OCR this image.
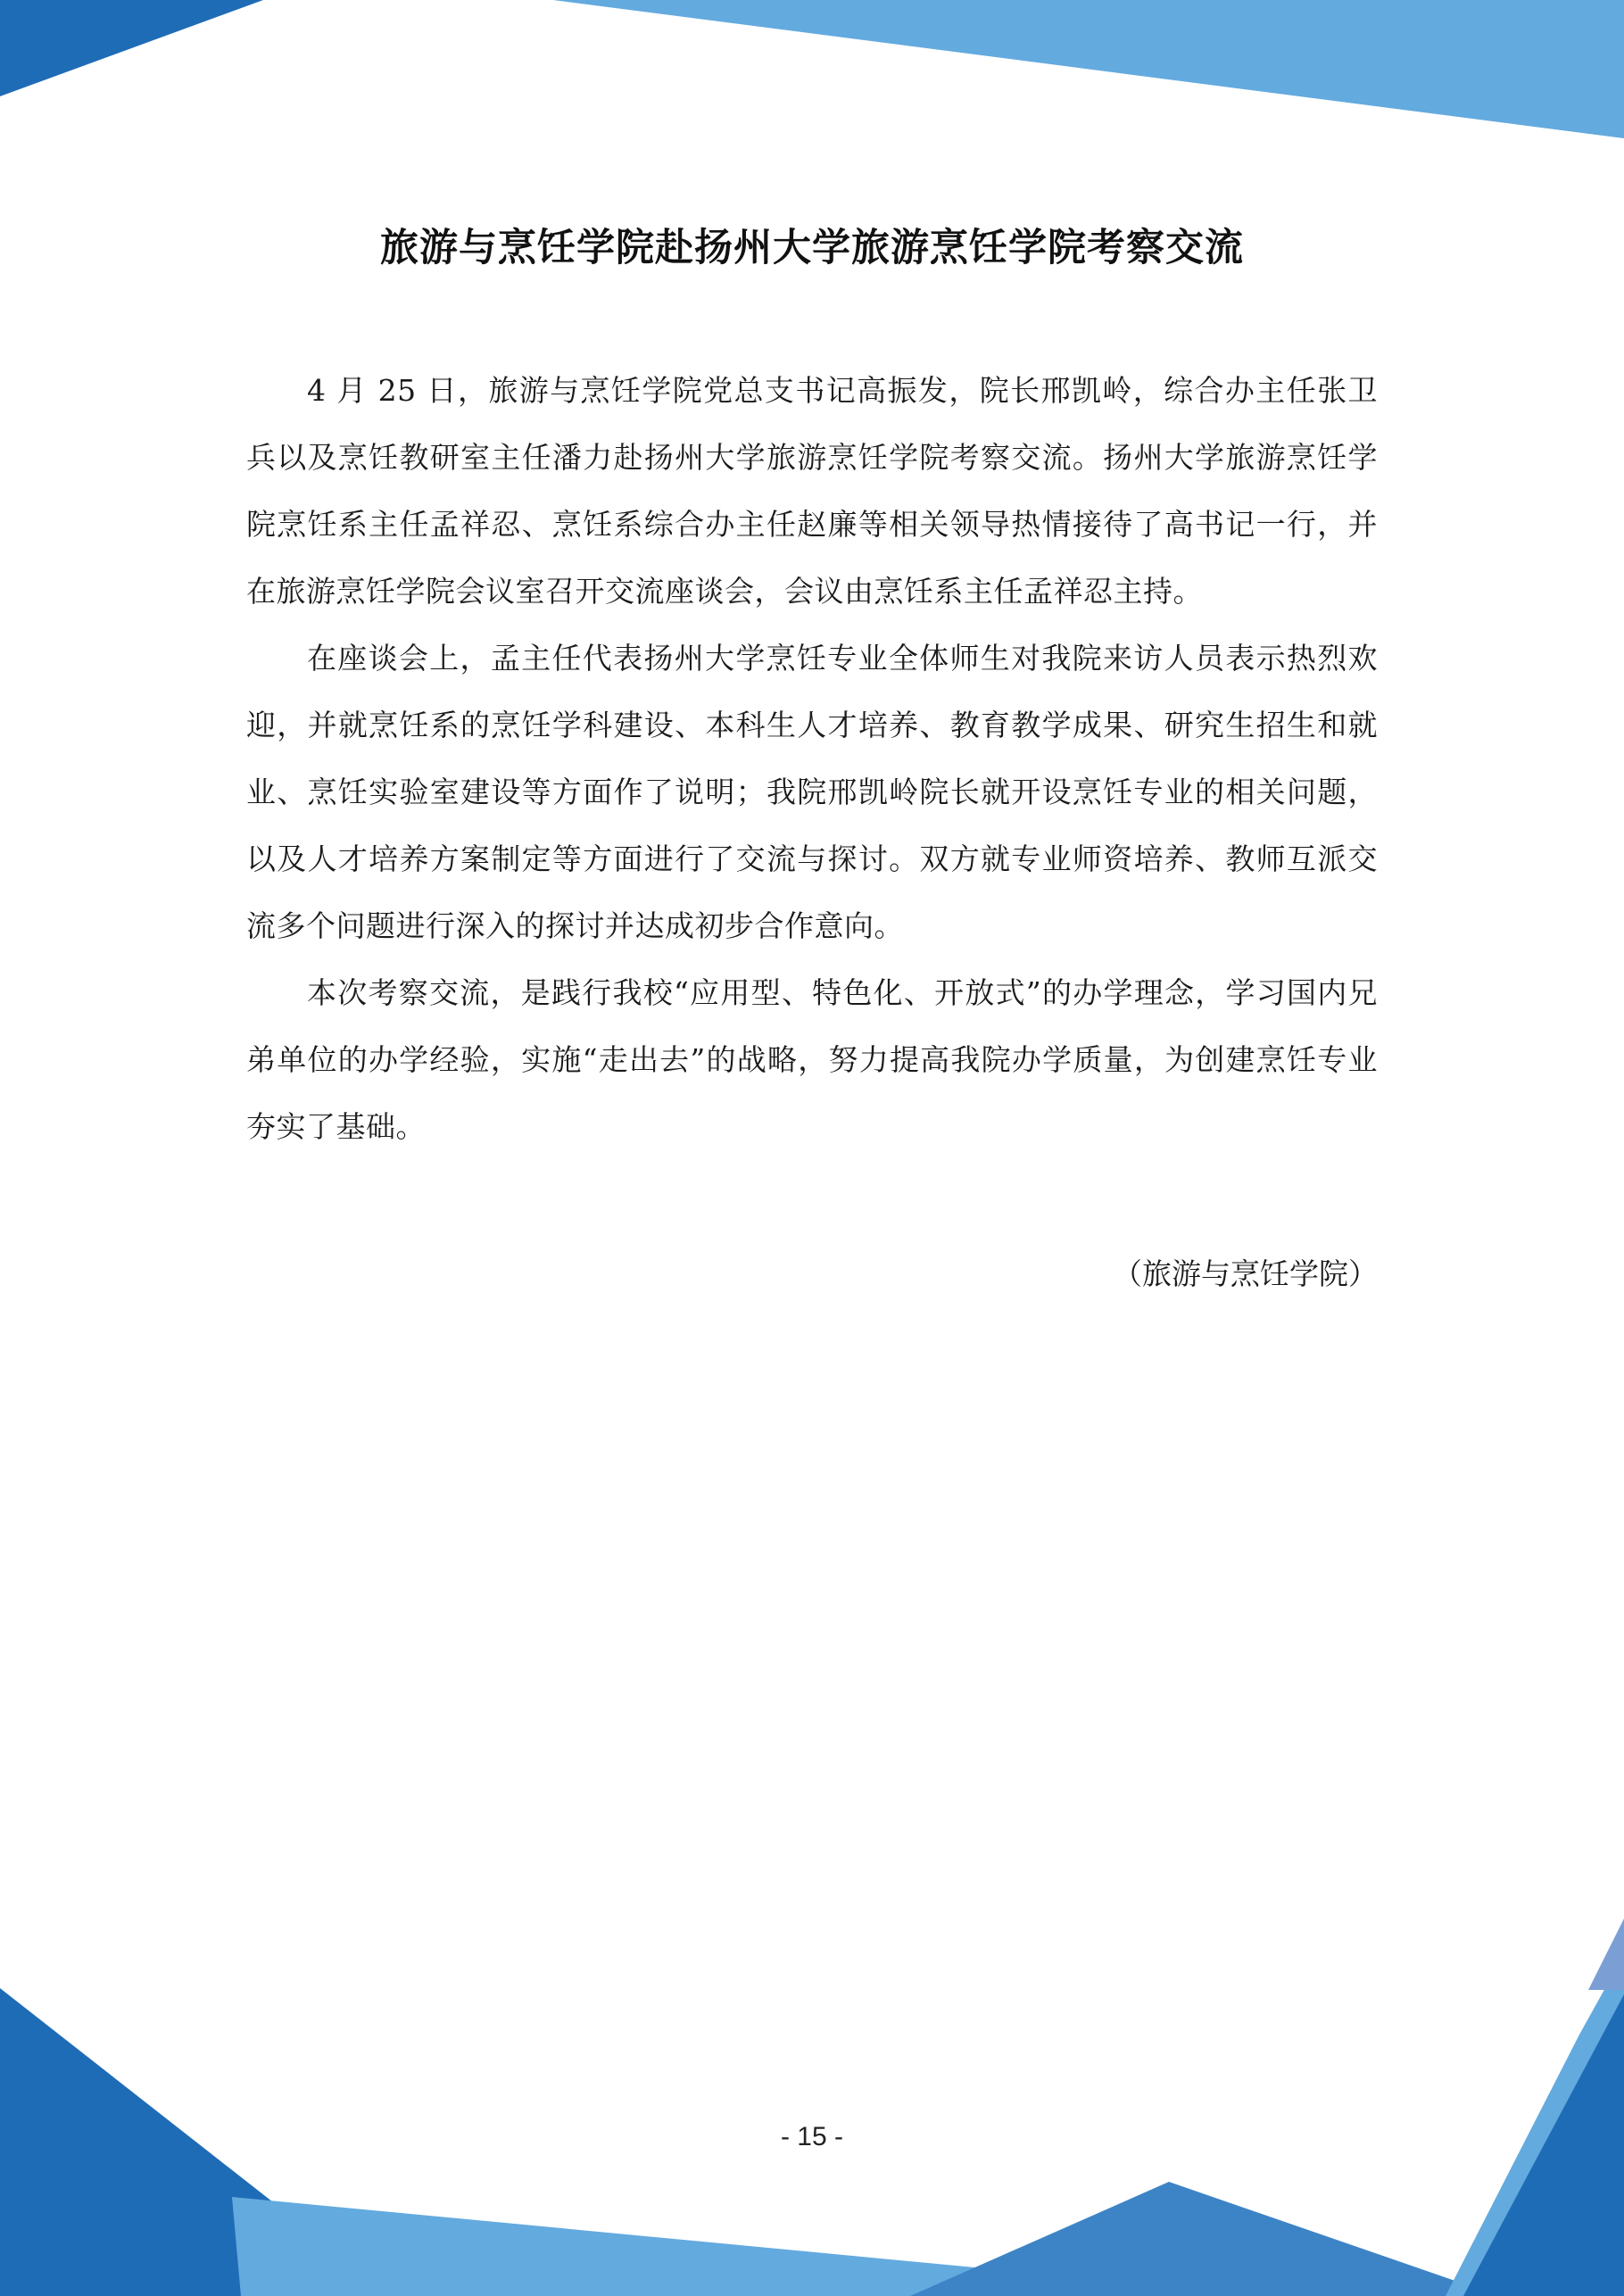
旅游与烹饪学院赴扬州大学旅游烹饪学院考察交流

4 月 25 日，旅游与烹饪学院党总支书记高振发，院长邢凯岭，综合办主任张卫兵以及烹饪教研室主任潘力赴扬州大学旅游烹饪学院考察交流。扬州大学旅游烹饪学院烹饪系主任孟祥忍、烹饪系综合办主任赵廉等相关领导热情接待了高书记一行，并在旅游烹饪学院会议室召开交流座谈会，会议由烹饪系主任孟祥忍主持。

在座谈会上，孟主任代表扬州大学烹饪专业全体师生对我院来访人员表示热烈欢迎，并就烹饪系的烹饪学科建设、本科生人才培养、教育教学成果、研究生招生和就业、烹饪实验室建设等方面作了说明；我院邢凯岭院长就开设烹饪专业的相关问题，以及人才培养方案制定等方面进行了交流与探讨。双方就专业师资培养、教师互派交流多个问题进行深入的探讨并达成初步合作意向。

本次考察交流，是践行我校“应用型、特色化、开放式”的办学理念，学习国内兄弟单位的办学经验，实施“走出去”的战略，努力提高我院办学质量，为创建烹饪专业夯实了基础。

（旅游与烹饪学院）
- 15 -
